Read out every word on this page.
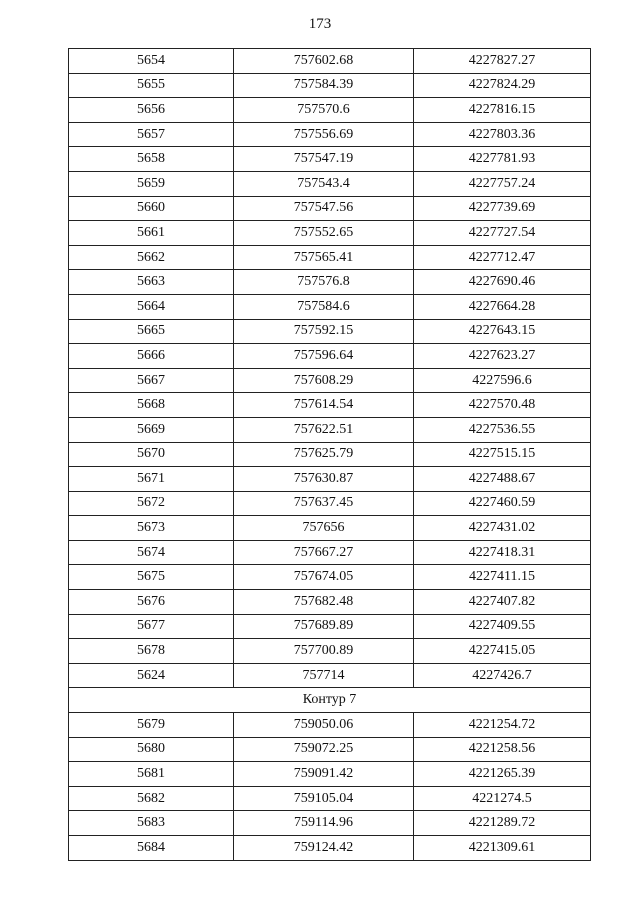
173
5654	757602.68	4227827.27
5655	757584.39	4227824.29
5656	757570.6	4227816.15
5657	757556.69	4227803.36
5658	757547.19	4227781.93
5659	757543.4	4227757.24
5660	757547.56	4227739.69
5661	757552.65	4227727.54
5662	757565.41	4227712.47
5663	757576.8	4227690.46
5664	757584.6	4227664.28
5665	757592.15	4227643.15
5666	757596.64	4227623.27
5667	757608.29	4227596.6
5668	757614.54	4227570.48
5669	757622.51	4227536.55
5670	757625.79	4227515.15
5671	757630.87	4227488.67
5672	757637.45	4227460.59
5673	757656	4227431.02
5674	757667.27	4227418.31
5675	757674.05	4227411.15
5676	757682.48	4227407.82
5677	757689.89	4227409.55
5678	757700.89	4227415.05
5624	757714	4227426.7
Контур 7		
5679	759050.06	4221254.72
5680	759072.25	4221258.56
5681	759091.42	4221265.39
5682	759105.04	4221274.5
5683	759114.96	4221289.72
5684	759124.42	4221309.61
